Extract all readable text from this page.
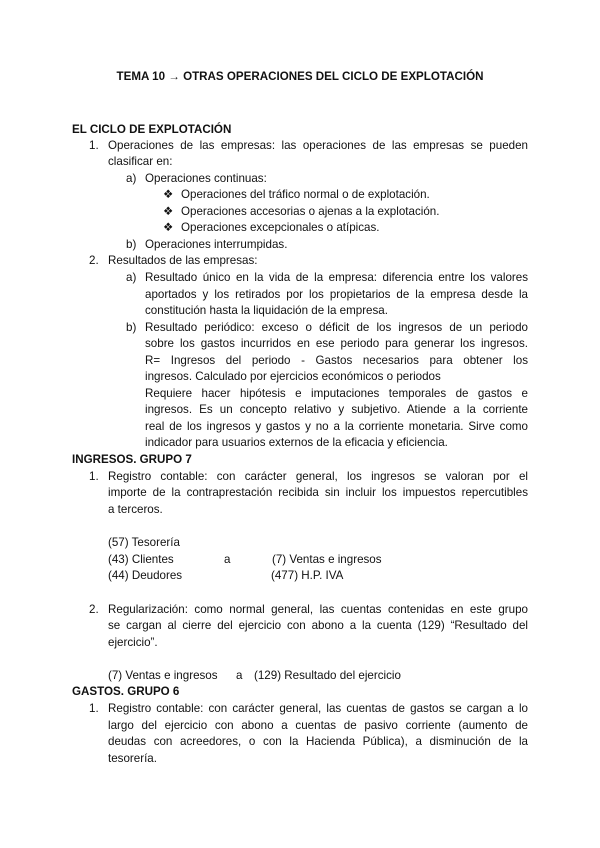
TEMA 10 → OTRAS OPERACIONES DEL CICLO DE EXPLOTACIÓN
EL CICLO DE EXPLOTACIÓN
1. Operaciones de las empresas: las operaciones de las empresas se pueden
clasificar en:
a) Operaciones continuas:
❖ Operaciones del tráfico normal o de explotación.
❖ Operaciones accesorias o ajenas a la explotación.
❖ Operaciones excepcionales o atípicas.
b) Operaciones interrumpidas.
2. Resultados de las empresas:
a) Resultado único en la vida de la empresa: diferencia entre los valores
aportados y los retirados por los propietarios de la empresa desde la
constitución hasta la liquidación de la empresa.
b) Resultado periódico: exceso o déficit de los ingresos de un periodo
sobre los gastos incurridos en ese periodo para generar los ingresos.
R= Ingresos del periodo - Gastos necesarios para obtener los
ingresos. Calculado por ejercicios económicos o periodos
Requiere hacer hipótesis e imputaciones temporales de gastos e
ingresos. Es un concepto relativo y subjetivo. Atiende a la corriente
real de los ingresos y gastos y no a la corriente monetaria. Sirve como
indicador para usuarios externos de la eficacia y eficiencia.
INGRESOS. GRUPO 7
1. Registro contable: con carácter general, los ingresos se valoran por el
importe de la contraprestación recibida sin incluir los impuestos repercutibles
a terceros.
(57) Tesorería
(43) Clientes
(44) Deudores
a	(7) Ventas e ingresos
(477) H.P. IVA
2. Regularización: como normal general, las cuentas contenidas en este grupo
se cargan al cierre del ejercicio con abono a la cuenta (129) “Resultado del
ejercicio”.
(7) Ventas e ingresos a (129) Resultado del ejercicio
GASTOS. GRUPO 6
1. Registro contable: con carácter general, las cuentas de gastos se cargan a lo
largo del ejercicio con abono a cuentas de pasivo corriente (aumento de
deudas con acreedores, o con la Hacienda Pública), a disminución de la
tesorería.
